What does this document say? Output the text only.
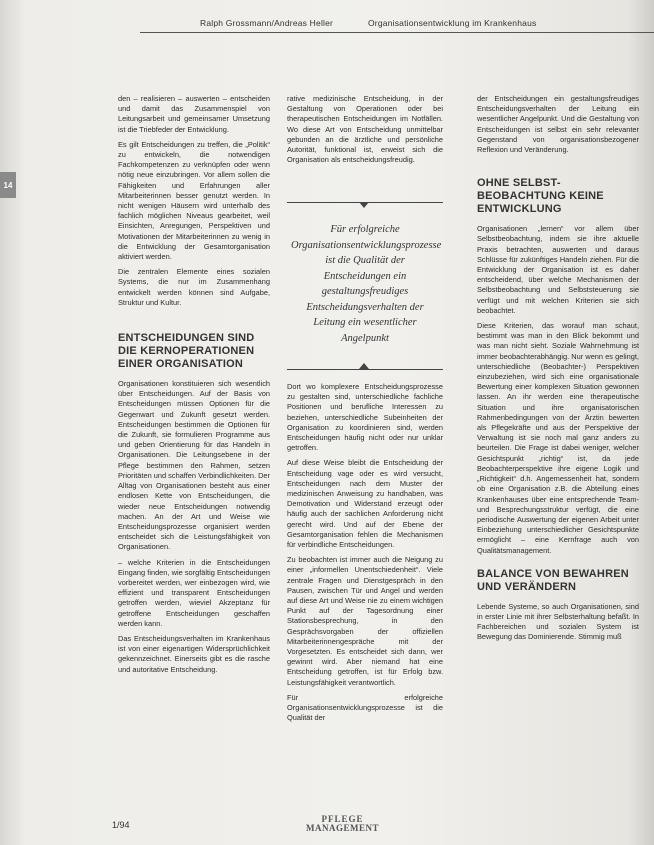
Ralph Grossmann/Andreas Heller	Organisationsentwicklung im Krankenhaus
14

den – realisieren – auswerten – entscheiden und damit das Zusammenspiel von Leitungsarbeit und gemeinsamer Umsetzung ist die Triebfeder der Entwicklung.

Es gilt Entscheidungen zu treffen, die „Politik“ zu entwickeln, die notwendigen Fachkompetenzen zu verknüpfen oder wenn nötig neue einzubringen. Vor allem sollen die Fähigkeiten und Erfahrungen aller Mitarbeiterinnen besser genutzt werden. In nicht wenigen Häusern wird unterhalb des fachlich möglichen Niveaus gearbeitet, weil Einsichten, Anregungen, Perspektiven und Motivationen der Mitarbeiterinnen zu wenig in die Entwicklung der Gesamtorganisation aktiviert werden.

Die zentralen Elemente eines sozialen Systems, die nur im Zusammenhang entwickelt werden können sind Aufgabe, Struktur und Kultur.

ENTSCHEIDUNGEN SIND DIE KERNOPERATIONEN EINER ORGANISATION

Organisationen konstituieren sich wesentlich über Entscheidungen. Auf der Basis von Entscheidungen müssen Optionen für die Gegenwart und Zukunft gesetzt werden. Entscheidungen bestimmen die Optionen für die Zukunft, sie formulieren Programme aus und geben Orientierung für das Handeln in Organisationen. Die Leitungsebene in der Pflege bestimmen den Rahmen, setzen Prioritäten und schaffen Verbindlichkeiten. Der Alltag von Organisationen besteht aus einer endlosen Kette von Entscheidungen, die wieder neue Entscheidungen notwendig machen. An der Art und Weise wie Entscheidungsprozesse organisiert werden entscheidet sich die Leistungsfähigkeit von Organisationen.

– welche Kriterien in die Entscheidungen Eingang finden, wie sorgfältig Entscheidungen vorbereitet werden, wer einbezogen wird, wie effizient und transparent Entscheidungen getroffen werden, wieviel Akzeptanz für getroffene Entscheidungen geschaffen werden kann.

Das Entscheidungsverhalten im Krankenhaus ist von einer eigenartigen Widersprüchlichkeit gekennzeichnet. Einerseits gibt es die rasche und autoritative Entscheidung.

rative medizinische Entscheidung, in der Gestaltung von Operationen oder bei therapeutischen Entscheidungen im Notfällen. Wo diese Art von Entscheidung unmittelbar gebunden an die ärztliche und persönliche Autorität, funktional ist, erweist sich die Organisation als entscheidungsfreudig.

Für erfolgreiche Organisationsentwicklungsprozesse ist die Qualität der Entscheidungen ein gestaltungsfreudiges Entscheidungsverhalten der Leitung ein wesentlicher Angelpunkt

Dort wo komplexere Entscheidungsprozesse zu gestalten sind, unterschiedliche fachliche Positionen und berufliche Interessen zu beziehen, unterschiedliche Subeinheiten der Organisation zu koordinieren sind, werden Entscheidungen häufig nicht oder nur unklar getroffen.

Auf diese Weise bleibt die Entscheidung der Entscheidung vage oder es wird versucht, Entscheidungen nach dem Muster der medizinischen Anweisung zu handhaben, was Demotivation und Widerstand erzeugt oder häufig auch der sachlichen Anforderung nicht gerecht wird. Und auf der Ebene der Gesamtorganisation fehlen die Mechanismen für verbindliche Entscheidungen.

Zu beobachten ist immer auch die Neigung zu einer „informellen Unentschiedenheit“. Viele zentrale Fragen und Dienstgespräch in den Pausen, zwischen Tür und Angel und werden auf diese Art und Weise nie zu einem wichtigen Punkt auf der Tagesordnung einer Stationsbesprechung, in den Gesprächsvorgaben der offiziellen Mitarbeiterinnengespräche mit der Vorgesetzten. Es entscheidet sich dann, wer gewinnt wird. Aber niemand hat eine Entscheidung getroffen, ist für Erfolg bzw. Leistungsfähigkeit verantwortlich.

Für erfolgreiche Organisationsentwicklungsprozesse ist die Qualität der

der Entscheidungen ein gestaltungsfreudiges Entscheidungsverhalten der Leitung ein wesentlicher Angelpunkt. Und die Gestaltung von Entscheidungen ist selbst ein sehr relevanter Gegenstand von organisationsbezogener Reflexion und Veränderung.

OHNE SELBST-BEOBACHTUNG KEINE ENTWICKLUNG

Organisationen „lernen“ vor allem über Selbstbeobachtung, indem sie ihre aktuelle Praxis betrachten, auswerten und daraus Schlüsse für zukünftiges Handeln ziehen. Für die Entwicklung der Organisation ist es daher entscheidend, über welche Mechanismen der Selbstbeobachtung und Selbststeuerung sie verfügt und mit welchen Kriterien sie sich beobachtet.

Diese Kriterien, das worauf man schaut, bestimmt was man in den Blick bekommt und was man nicht sieht. Soziale Wahrnehmung ist immer beobachterabhängig. Nur wenn es gelingt, unterschiedliche (Beobachter-) Perspektiven einzubeziehen, wird sich eine organisationale Bewertung einer komplexen Situation gewonnen lassen. An ihr werden eine therapeutische Situation und ihre organisatorischen Rahmenbedingungen von der Ärztin bewerten als Pflegekräfte und aus der Perspektive der Verwaltung ist sie noch mal ganz anders zu beurteilen. Die Frage ist dabei weniger, welcher Gesichtspunkt „richtig“ ist, da jede Beobachterperspektive ihre eigene Logik und „Richtigkeit“ d.h. Angemessenheit hat, sondern ob eine Organisation z.B. die Abteilung eines Krankenhauses über eine entsprechende Team- und Besprechungsstruktur verfügt, die eine periodische Auswertung der eigenen Arbeit unter Einbeziehung unterschiedlicher Gesichtspunkte ermöglicht – eine Kernfrage auch von Qualitätsmanagement.

BALANCE VON BEWAHREN UND VERÄNDERN

Lebende Systeme, so auch Organisationen, sind in erster Linie mit ihrer Selbsterhaltung befaßt. In Fachbereichen und sozialen System ist Bewegung das Dominierende. Stimmig muß

1/94
PFLEGE
MANAGEMENT
